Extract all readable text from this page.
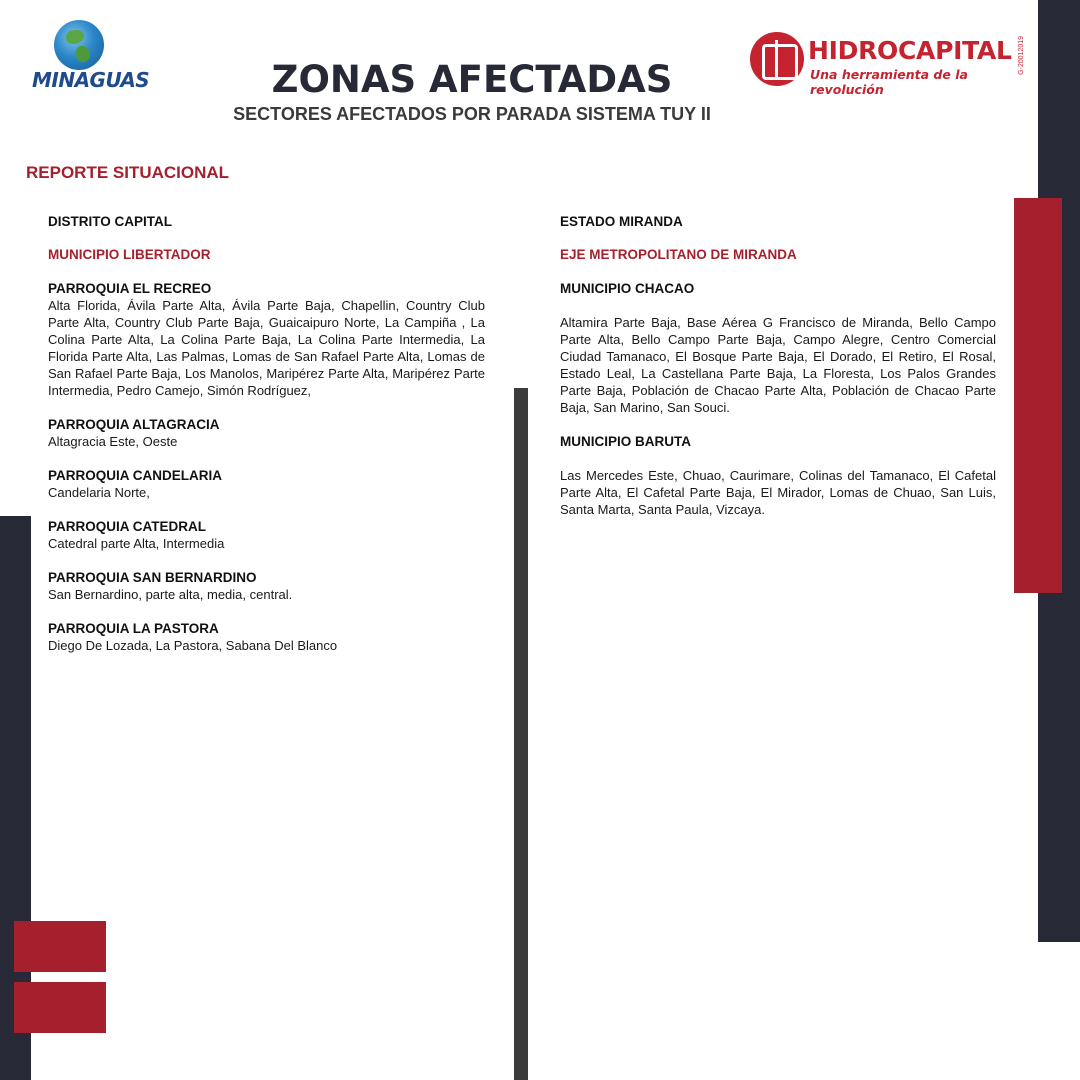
MINAGUAS
HIDROCAPITAL
Una herramienta de la revolución
G-20012019
ZONAS AFECTADAS
SECTORES AFECTADOS POR PARADA SISTEMA TUY II
REPORTE SITUACIONAL
DISTRITO CAPITAL
MUNICIPIO LIBERTADOR
PARROQUIA EL RECREO

Alta Florida, Ávila Parte Alta, Ávila Parte Baja, Chapellin, Country Club Parte Alta, Country Club Parte Baja, Guaicaipuro Norte, La Campiña , La Colina Parte Alta, La Colina Parte Baja, La Colina Parte Intermedia, La Florida Parte Alta, Las Palmas, Lomas de San Rafael Parte Alta, Lomas de San Rafael Parte Baja, Los Manolos, Maripérez Parte Alta, Maripérez Parte Intermedia, Pedro Camejo, Simón Rodríguez,

PARROQUIA ALTAGRACIA

Altagracia Este, Oeste

PARROQUIA CANDELARIA

Candelaria Norte,

PARROQUIA CATEDRAL

Catedral parte Alta, Intermedia

PARROQUIA SAN BERNARDINO

San Bernardino, parte alta, media, central.

PARROQUIA LA PASTORA

Diego De Lozada, La Pastora, Sabana Del Blanco

ESTADO MIRANDA
EJE METROPOLITANO DE MIRANDA
MUNICIPIO CHACAO

Altamira Parte Baja, Base Aérea G Francisco de Miranda, Bello Campo Parte Alta, Bello Campo Parte Baja, Campo Alegre, Centro Comercial Ciudad Tamanaco, El Bosque Parte Baja, El Dorado, El Retiro, El Rosal, Estado Leal, La Castellana Parte Baja, La Floresta, Los Palos Grandes Parte Baja, Población de Chacao Parte Alta, Población de Chacao Parte Baja, San Marino, San Souci.

MUNICIPIO BARUTA

Las Mercedes Este, Chuao, Caurimare, Colinas del Tamanaco, El Cafetal Parte Alta, El Cafetal Parte Baja, El Mirador, Lomas de Chuao, San Luis, Santa Marta, Santa Paula, Vizcaya.
